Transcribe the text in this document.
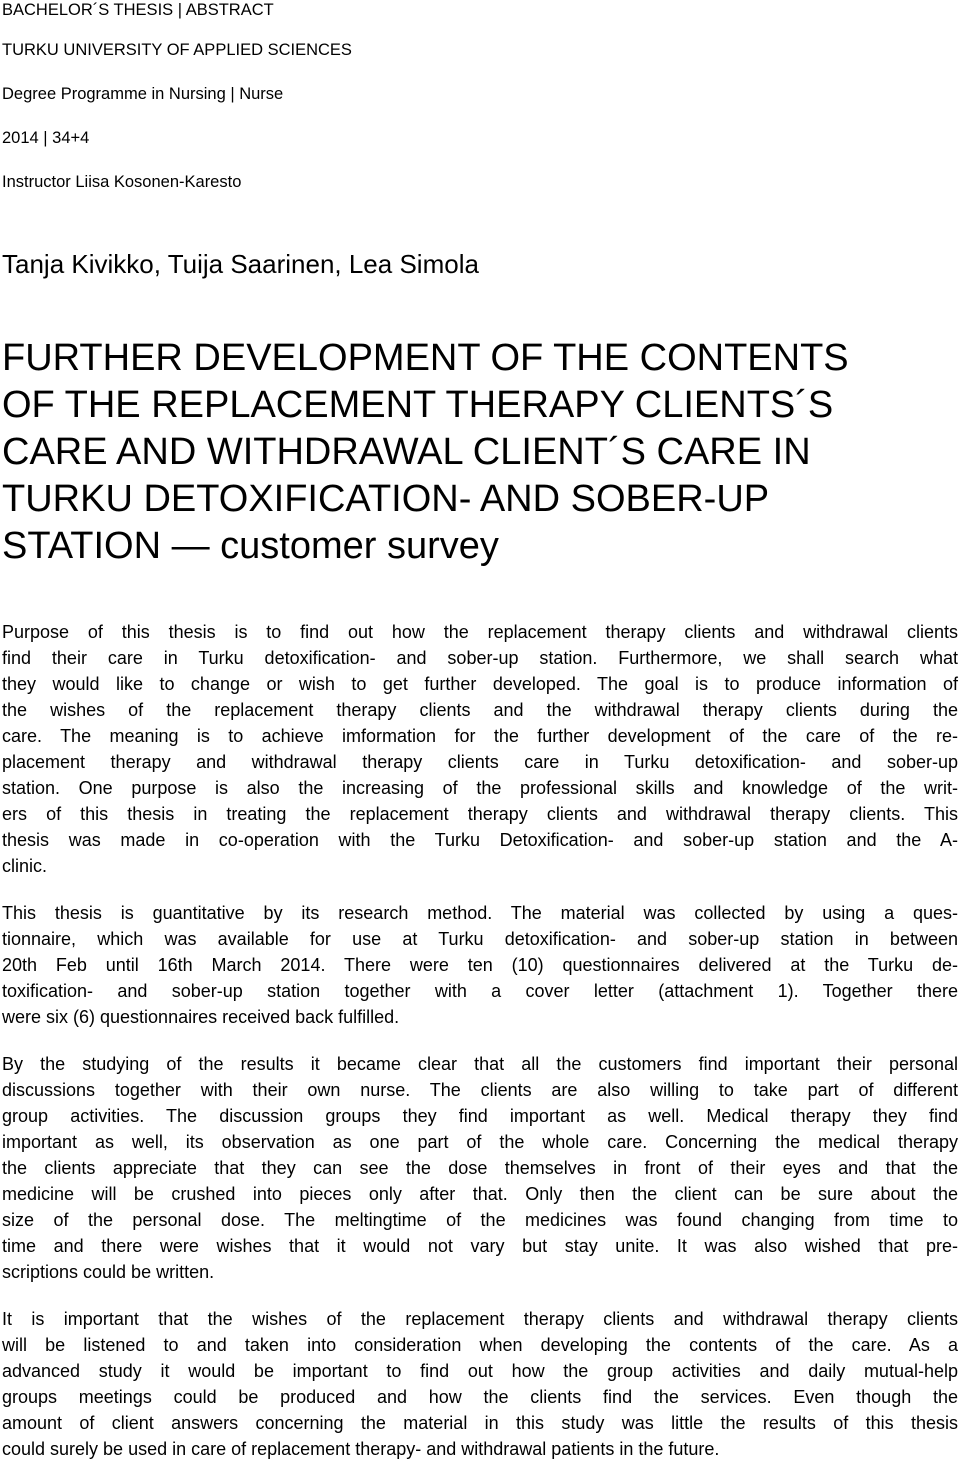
BACHELOR´S THESIS | ABSTRACT
TURKU UNIVERSITY OF APPLIED SCIENCES
Degree Programme in Nursing | Nurse
2014 | 34+4
Instructor Liisa Kosonen-Karesto
Tanja Kivikko, Tuija Saarinen, Lea Simola
FURTHER DEVELOPMENT OF THE CONTENTS
OF THE REPLACEMENT THERAPY CLIENTS´S
CARE AND WITHDRAWAL CLIENT´S CARE IN
TURKU DETOXIFICATION- AND SOBER-UP
STATION — customer survey
Purpose of this thesis is to find out how the replacement therapy clients and withdrawal clients
find their care in Turku detoxification- and sober-up station. Furthermore, we shall search what
they would like to change or wish to get further developed. The goal is to produce information of
the wishes of the replacement therapy clients and the withdrawal therapy clients during the
care. The meaning is to achieve imformation for the further development of the care of the re-
placement therapy and withdrawal therapy clients care in Turku detoxification- and sober-up
station. One purpose is also the increasing of the professional skills and knowledge of the writ-
ers of this thesis in treating the replacement therapy clients and withdrawal therapy clients. This
thesis was made in co-operation with the Turku Detoxification- and sober-up station and the A-
clinic.
This thesis is guantitative by its research method. The material was collected by using a ques-
tionnaire, which was available for use at Turku detoxification- and sober-up station in between
20th Feb until 16th March 2014. There were ten (10) questionnaires delivered at the Turku de-
toxification- and sober-up station together with a cover letter (attachment 1). Together there
were six (6) questionnaires received back fulfilled.
By the studying of the results it became clear that all the customers find important their personal
discussions together with their own nurse. The clients are also willing to take part of different
group activities. The discussion groups they find important as well. Medical therapy they find
important as well, its observation as one part of the whole care. Concerning the medical therapy
the clients appreciate that they can see the dose themselves in front of their eyes and that the
medicine will be crushed into pieces only after that. Only then the client can be sure about the
size of the personal dose. The meltingtime of the medicines was found changing from time to
time and there were wishes that it would not vary but stay unite. It was also wished that pre-
scriptions could be written.
It is important that the wishes of the replacement therapy clients and withdrawal therapy clients
will be listened to and taken into consideration when developing the contents of the care. As a
advanced study it would be important to find out how the group activities and daily mutual-help
groups meetings could be produced and how the clients find the services. Even though the
amount of client answers concerning the material in this study was little the results of this thesis
could surely be used in care of replacement therapy- and withdrawal patients in the future.
